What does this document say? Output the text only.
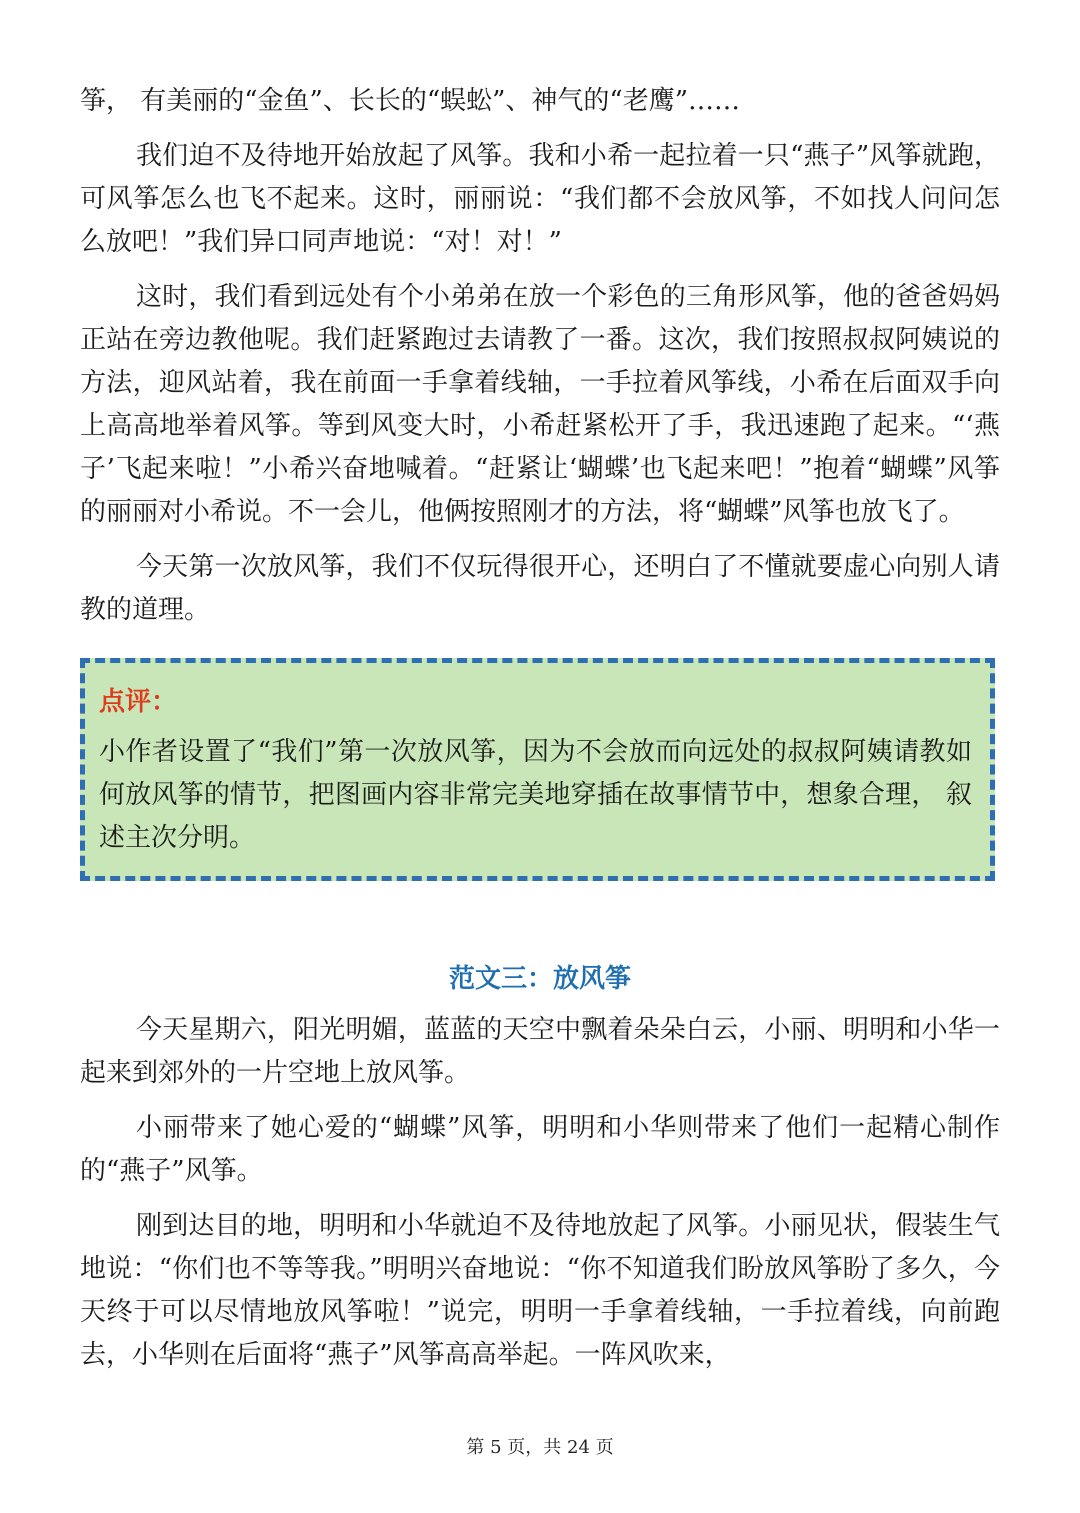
筝， 有美丽的“金鱼”、长长的“蜈蚣”、神气的“老鹰”……

我们迫不及待地开始放起了风筝。我和小希一起拉着一只“燕子”风筝就跑， 可风筝怎么也飞不起来。这时，丽丽说：“我们都不会放风筝，不如找人问问怎么放吧！”我们异口同声地说：“对！对！”

这时，我们看到远处有个小弟弟在放一个彩色的三角形风筝，他的爸爸妈妈正站在旁边教他呢。我们赶紧跑过去请教了一番。这次，我们按照叔叔阿姨说的方法，迎风站着，我在前面一手拿着线轴，一手拉着风筝线，小希在后面双手向上高高地举着风筝。等到风变大时，小希赶紧松开了手，我迅速跑了起来。“‘燕子’飞起来啦！”小希兴奋地喊着。“赶紧让‘蝴蝶’也飞起来吧！”抱着“蝴蝶”风筝的丽丽对小希说。不一会儿，他俩按照刚才的方法，将“蝴蝶”风筝也放飞了。

今天第一次放风筝，我们不仅玩得很开心，还明白了不懂就要虚心向别人请教的道理。

点评：
小作者设置了“我们”第一次放风筝，因为不会放而向远处的叔叔阿姨请教如何放风筝的情节，把图画内容非常完美地穿插在故事情节中，想象合理， 叙述主次分明。
范文三：放风筝

今天星期六，阳光明媚，蓝蓝的天空中飘着朵朵白云，小丽、明明和小华一起来到郊外的一片空地上放风筝。

小丽带来了她心爱的“蝴蝶”风筝，明明和小华则带来了他们一起精心制作的“燕子”风筝。

刚到达目的地，明明和小华就迫不及待地放起了风筝。小丽见状，假装生气地说：“你们也不等等我。”明明兴奋地说：“你不知道我们盼放风筝盼了多久，今天终于可以尽情地放风筝啦！”说完，明明一手拿着线轴，一手拉着线，向前跑去，小华则在后面将“燕子”风筝高高举起。一阵风吹来，

第 5 页，共 24 页
